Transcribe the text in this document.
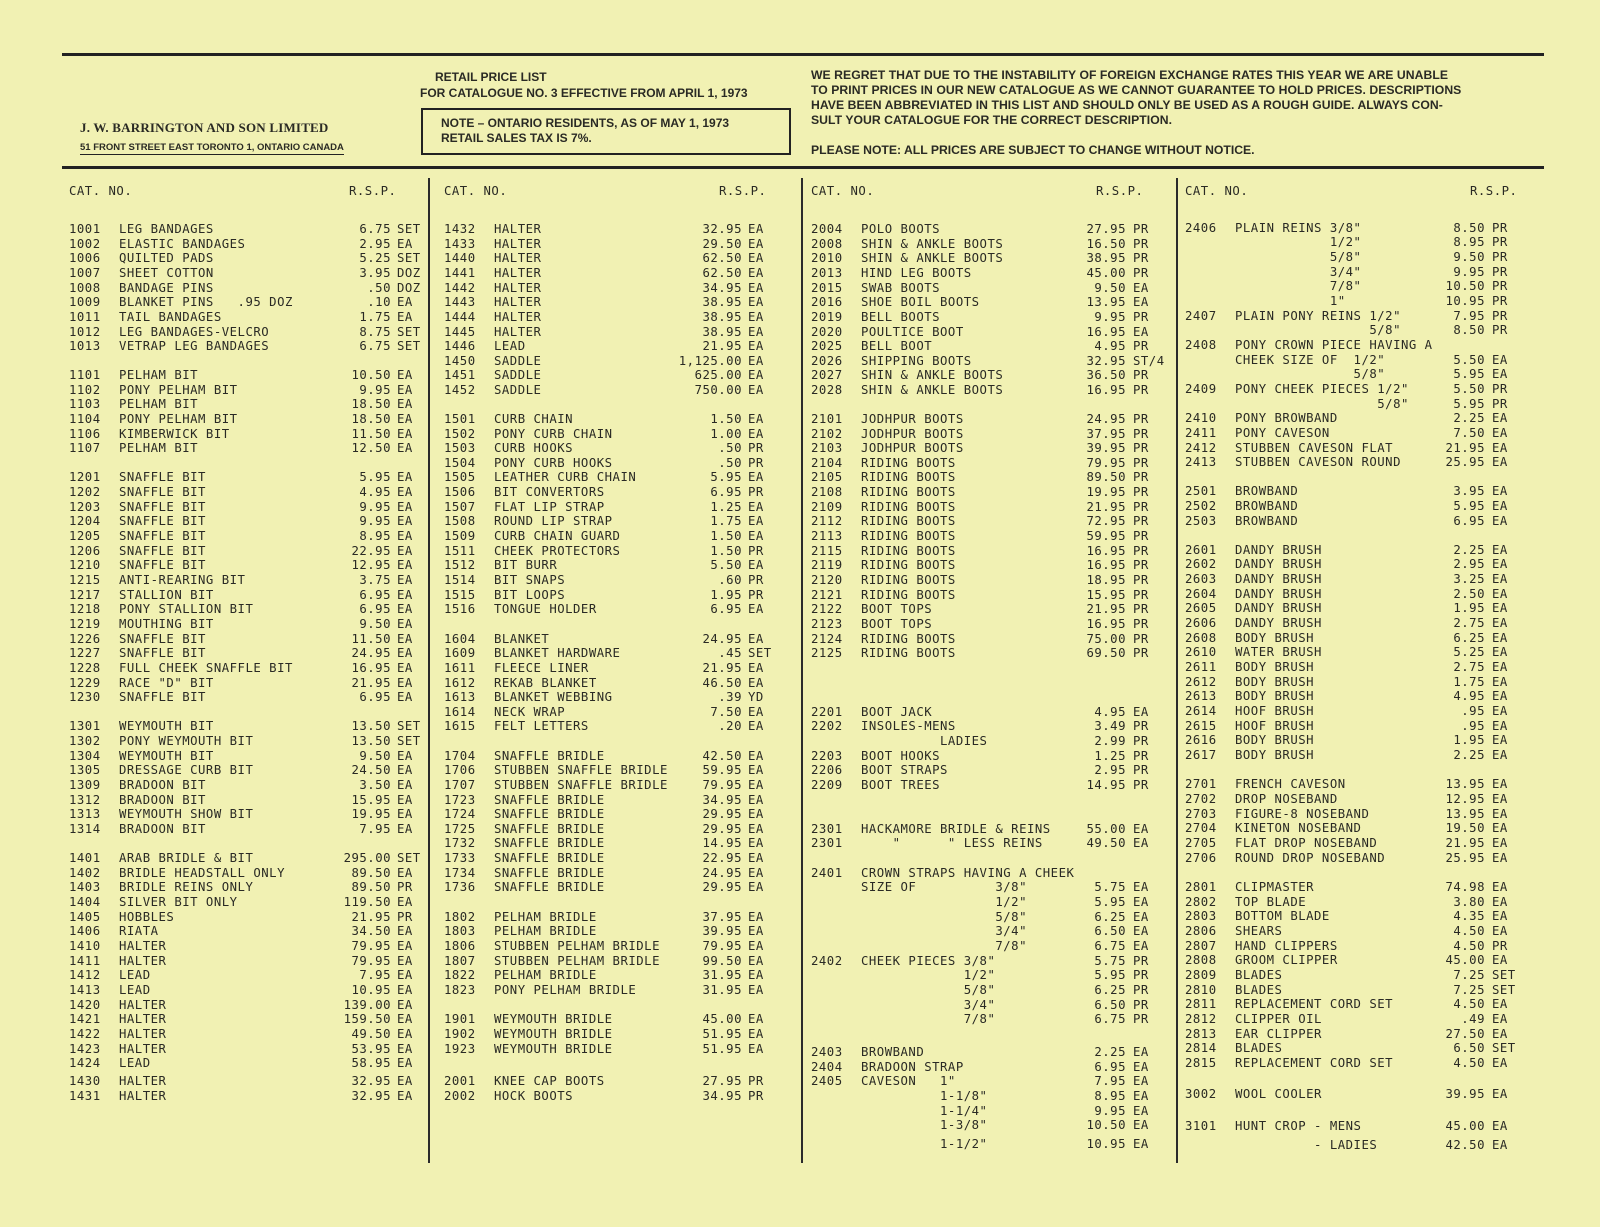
J. W. BARRINGTON AND SON LIMITED
51 FRONT STREET EAST TORONTO 1, ONTARIO CANADA
RETAIL PRICE LIST
FOR CATALOGUE NO. 3 EFFECTIVE FROM APRIL 1, 1973
NOTE – ONTARIO RESIDENTS, AS OF MAY 1, 1973
RETAIL SALES TAX IS 7%.
WE REGRET THAT DUE TO THE INSTABILITY OF FOREIGN EXCHANGE RATES THIS YEAR WE ARE UNABLE
TO PRINT PRICES IN OUR NEW CATALOGUE AS WE CANNOT GUARANTEE TO HOLD PRICES. DESCRIPTIONS
HAVE BEEN ABBREVIATED IN THIS LIST AND SHOULD ONLY BE USED AS A ROUGH GUIDE. ALWAYS CON-
SULT YOUR CATALOGUE FOR THE CORRECT DESCRIPTION.
PLEASE NOTE: ALL PRICES ARE SUBJECT TO CHANGE WITHOUT NOTICE.
CAT. NO.	R.S.P.
1001 LEG BANDAGES	6.75 SET
1002 ELASTIC BANDAGES	2.95 EA
1006 QUILTED PADS	5.25 SET
1007 SHEET COTTON	3.95 DOZ
1008 BANDAGE PINS	.50 DOZ
1009 BLANKET PINS   .95 DOZ	.10 EA
1011 TAIL BANDAGES	1.75 EA
1012 LEG BANDAGES-VELCRO	8.75 SET
1013 VETRAP LEG BANDAGES	6.75 SET
1101 PELHAM BIT	10.50 EA
1102 PONY PELHAM BIT	9.95 EA
1103 PELHAM BIT	18.50 EA
1104 PONY PELHAM BIT	18.50 EA
1106 KIMBERWICK BIT	11.50 EA
1107 PELHAM BIT	12.50 EA
1201 SNAFFLE BIT	5.95 EA
1202 SNAFFLE BIT	4.95 EA
1203 SNAFFLE BIT	9.95 EA
1204 SNAFFLE BIT	9.95 EA
1205 SNAFFLE BIT	8.95 EA
1206 SNAFFLE BIT	22.95 EA
1210 SNAFFLE BIT	12.95 EA
1215 ANTI-REARING BIT	3.75 EA
1217 STALLION BIT	6.95 EA
1218 PONY STALLION BIT	6.95 EA
1219 MOUTHING BIT	9.50 EA
1226 SNAFFLE BIT	11.50 EA
1227 SNAFFLE BIT	24.95 EA
1228 FULL CHEEK SNAFFLE BIT	16.95 EA
1229 RACE "D" BIT	21.95 EA
1230 SNAFFLE BIT	6.95 EA
1301 WEYMOUTH BIT	13.50 SET
1302 PONY WEYMOUTH BIT	13.50 SET
1304 WEYMOUTH BIT	9.50 EA
1305 DRESSAGE CURB BIT	24.50 EA
1309 BRADOON BIT	3.50 EA
1312 BRADOON BIT	15.95 EA
1313 WEYMOUTH SHOW BIT	19.95 EA
1314 BRADOON BIT	7.95 EA
1401 ARAB BRIDLE & BIT	295.00 SET
1402 BRIDLE HEADSTALL ONLY	89.50 EA
1403 BRIDLE REINS ONLY	89.50 PR
1404 SILVER BIT ONLY	119.50 EA
1405 HOBBLES	21.95 PR
1406 RIATA	34.50 EA
1410 HALTER	79.95 EA
1411 HALTER	79.95 EA
1412 LEAD	7.95 EA
1413 LEAD	10.95 EA
1420 HALTER	139.00 EA
1421 HALTER	159.50 EA
1422 HALTER	49.50 EA
1423 HALTER	53.95 EA
1424 LEAD	58.95 EA
1430 HALTER	32.95 EA
1431 HALTER	32.95 EA
CAT. NO.	R.S.P.
1432 HALTER	32.95 EA
1433 HALTER	29.50 EA
1440 HALTER	62.50 EA
1441 HALTER	62.50 EA
1442 HALTER	34.95 EA
1443 HALTER	38.95 EA
1444 HALTER	38.95 EA
1445 HALTER	38.95 EA
1446 LEAD	21.95 EA
1450 SADDLE	1,125.00 EA
1451 SADDLE	625.00 EA
1452 SADDLE	750.00 EA
1501 CURB CHAIN	1.50 EA
1502 PONY CURB CHAIN	1.00 EA
1503 CURB HOOKS	.50 PR
1504 PONY CURB HOOKS	.50 PR
1505 LEATHER CURB CHAIN	5.95 EA
1506 BIT CONVERTORS	6.95 PR
1507 FLAT LIP STRAP	1.25 EA
1508 ROUND LIP STRAP	1.75 EA
1509 CURB CHAIN GUARD	1.50 EA
1511 CHEEK PROTECTORS	1.50 PR
1512 BIT BURR	5.50 EA
1514 BIT SNAPS	.60 PR
1515 BIT LOOPS	1.95 PR
1516 TONGUE HOLDER	6.95 EA
1604 BLANKET	24.95 EA
1609 BLANKET HARDWARE	.45 SET
1611 FLEECE LINER	21.95 EA
1612 REKAB BLANKET	46.50 EA
1613 BLANKET WEBBING	.39 YD
1614 NECK WRAP	7.50 EA
1615 FELT LETTERS	.20 EA
1704 SNAFFLE BRIDLE	42.50 EA
1706 STUBBEN SNAFFLE BRIDLE	59.95 EA
1707 STUBBEN SNAFFLE BRIDLE	79.95 EA
1723 SNAFFLE BRIDLE	34.95 EA
1724 SNAFFLE BRIDLE	29.95 EA
1725 SNAFFLE BRIDLE	29.95 EA
1732 SNAFFLE BRIDLE	14.95 EA
1733 SNAFFLE BRIDLE	22.95 EA
1734 SNAFFLE BRIDLE	24.95 EA
1736 SNAFFLE BRIDLE	29.95 EA
1802 PELHAM BRIDLE	37.95 EA
1803 PELHAM BRIDLE	39.95 EA
1806 STUBBEN PELHAM BRIDLE	79.95 EA
1807 STUBBEN PELHAM BRIDLE	99.50 EA
1822 PELHAM BRIDLE	31.95 EA
1823 PONY PELHAM BRIDLE	31.95 EA
1901 WEYMOUTH BRIDLE	45.00 EA
1902 WEYMOUTH BRIDLE	51.95 EA
1923 WEYMOUTH BRIDLE	51.95 EA
2001 KNEE CAP BOOTS	27.95 PR
2002 HOCK BOOTS	34.95 PR
CAT. NO.	R.S.P.
2004 POLO BOOTS	27.95 PR
2008 SHIN & ANKLE BOOTS	16.50 PR
2010 SHIN & ANKLE BOOTS	38.95 PR
2013 HIND LEG BOOTS	45.00 PR
2015 SWAB BOOTS	9.50 EA
2016 SHOE BOIL BOOTS	13.95 EA
2019 BELL BOOTS	9.95 PR
2020 POULTICE BOOT	16.95 EA
2025 BELL BOOT	4.95 PR
2026 SHIPPING BOOTS	32.95 ST/4
2027 SHIN & ANKLE BOOTS	36.50 PR
2028 SHIN & ANKLE BOOTS	16.95 PR
2101 JODHPUR BOOTS	24.95 PR
2102 JODHPUR BOOTS	37.95 PR
2103 JODHPUR BOOTS	39.95 PR
2104 RIDING BOOTS	79.95 PR
2105 RIDING BOOTS	89.50 PR
2108 RIDING BOOTS	19.95 PR
2109 RIDING BOOTS	21.95 PR
2112 RIDING BOOTS	72.95 PR
2113 RIDING BOOTS	59.95 PR
2115 RIDING BOOTS	16.95 PR
2119 RIDING BOOTS	16.95 PR
2120 RIDING BOOTS	18.95 PR
2121 RIDING BOOTS	15.95 PR
2122 BOOT TOPS	21.95 PR
2123 BOOT TOPS	16.95 PR
2124 RIDING BOOTS	75.00 PR
2125 RIDING BOOTS	69.50 PR
2201 BOOT JACK	4.95 EA
2202 INSOLES-MENS	3.49 PR
LADIES	2.99 PR
2203 BOOT HOOKS	1.25 PR
2206 BOOT STRAPS	2.95 PR
2209 BOOT TREES	14.95 PR
2301 HACKAMORE BRIDLE & REINS	55.00 EA
2301 "      " LESS REINS	49.50 EA
2401 CROWN STRAPS HAVING A CHEEK
SIZE OF          3/8"	5.75 EA
1/2"	5.95 EA
5/8"	6.25 EA
3/4"	6.50 EA
7/8"	6.75 EA
2402 CHEEK PIECES 3/8"	5.75 PR
1/2"	5.95 PR
5/8"	6.25 PR
3/4"	6.50 PR
7/8"	6.75 PR
2403 BROWBAND	2.25 EA
2404 BRADOON STRAP	6.95 EA
2405 CAVESON   1"	7.95 EA
1-1/8"	8.95 EA
1-1/4"	9.95 EA
1-3/8"	10.50 EA
1-1/2"	10.95 EA
CAT. NO.	R.S.P.
2406 PLAIN REINS 3/8"	8.50 PR
1/2"	8.95 PR
5/8"	9.50 PR
3/4"	9.95 PR
7/8"	10.50 PR
1"	10.95 PR
2407 PLAIN PONY REINS 1/2"	7.95 PR
5/8"	8.50 PR
2408 PONY CROWN PIECE HAVING A
CHEEK SIZE OF  1/2"	5.50 EA
5/8"	5.95 EA
2409 PONY CHEEK PIECES 1/2"	5.50 PR
5/8"	5.95 PR
2410 PONY BROWBAND	2.25 EA
2411 PONY CAVESON	7.50 EA
2412 STUBBEN CAVESON FLAT	21.95 EA
2413 STUBBEN CAVESON ROUND	25.95 EA
2501 BROWBAND	3.95 EA
2502 BROWBAND	5.95 EA
2503 BROWBAND	6.95 EA
2601 DANDY BRUSH	2.25 EA
2602 DANDY BRUSH	2.95 EA
2603 DANDY BRUSH	3.25 EA
2604 DANDY BRUSH	2.50 EA
2605 DANDY BRUSH	1.95 EA
2606 DANDY BRUSH	2.75 EA
2608 BODY BRUSH	6.25 EA
2610 WATER BRUSH	5.25 EA
2611 BODY BRUSH	2.75 EA
2612 BODY BRUSH	1.75 EA
2613 BODY BRUSH	4.95 EA
2614 HOOF BRUSH	.95 EA
2615 HOOF BRUSH	.95 EA
2616 BODY BRUSH	1.95 EA
2617 BODY BRUSH	2.25 EA
2701 FRENCH CAVESON	13.95 EA
2702 DROP NOSEBAND	12.95 EA
2703 FIGURE-8 NOSEBAND	13.95 EA
2704 KINETON NOSEBAND	19.50 EA
2705 FLAT DROP NOSEBAND	21.95 EA
2706 ROUND DROP NOSEBAND	25.95 EA
2801 CLIPMASTER	74.98 EA
2802 TOP BLADE	3.80 EA
2803 BOTTOM BLADE	4.35 EA
2806 SHEARS	4.50 EA
2807 HAND CLIPPERS	4.50 PR
2808 GROOM CLIPPER	45.00 EA
2809 BLADES	7.25 SET
2810 BLADES	7.25 SET
2811 REPLACEMENT CORD SET	4.50 EA
2812 CLIPPER OIL	.49 EA
2813 EAR CLIPPER	27.50 EA
2814 BLADES	6.50 SET
2815 REPLACEMENT CORD SET	4.50 EA
3002 WOOL COOLER	39.95 EA
3101 HUNT CROP - MENS	45.00 EA
- LADIES	42.50 EA
